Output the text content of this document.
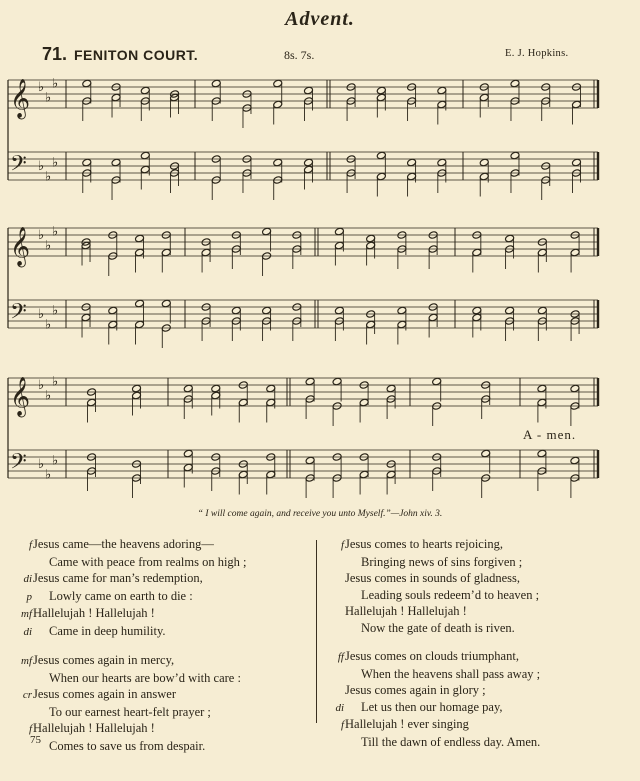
Advent.
71. FENITON COURT.	8s. 7s.	E. J. Hopkins.
𝄞 ♭
♭
♭
𝄢 ♭
♭
♭
𝄞 ♭
♭
♭
𝄢 ♭
♭
♭
𝄞 ♭
♭
♭
𝄢 ♭
♭
♭
A - men.
“ I will come again, and receive you unto Myself.”—John xiv. 3.
fJesus came—the heavens adoring—
Came with peace from realms on high ;
diJesus came for man’s redemption,
p Lowly came on earth to die :
mfHallelujah ! Hallelujah !
di Came in deep humility.
mfJesus comes again in mercy,
When our hearts are bow’d with care :
crJesus comes again in answer
To our earnest heart-felt prayer ;
fHallelujah ! Hallelujah !
Comes to save us from despair.
fJesus comes to hearts rejoicing,
Bringing news of sins forgiven ;
Jesus comes in sounds of gladness,
Leading souls redeem’d to heaven ;
Hallelujah ! Hallelujah !
Now the gate of death is riven.
ffJesus comes on clouds triumphant,
When the heavens shall pass away ;
Jesus comes again in glory ;
di Let us then our homage pay,
fHallelujah ! ever singing
Till the dawn of endless day. Amen.
75
